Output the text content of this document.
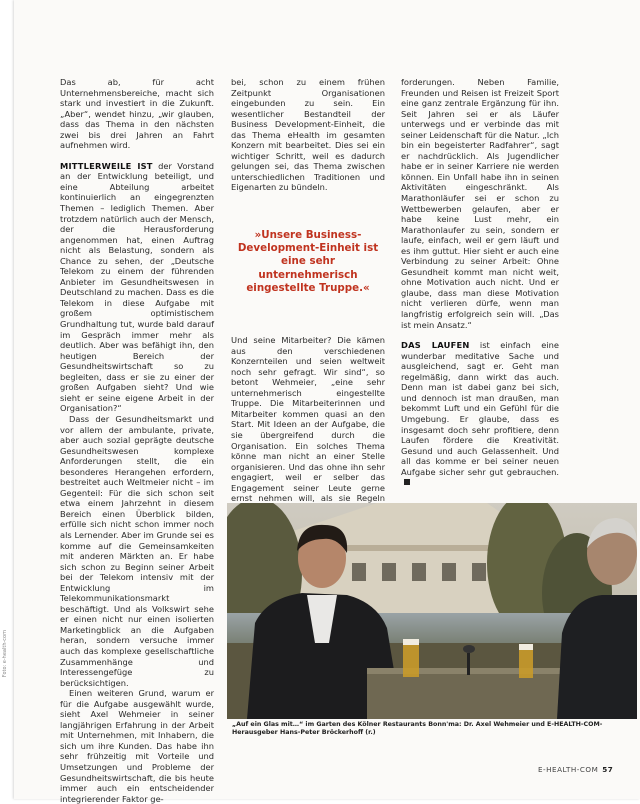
Das ab, für acht Unternehmensbereiche, macht sich stark und investiert in die Zukunft. „Aber“, wendet hinzu, „wir glauben, dass das Thema in den nächsten zwei bis drei Jahren an Fahrt aufnehmen wird.

MITTLERWEILE IST der Vorstand an der Entwicklung beteiligt, und eine Abteilung arbeitet kontinuierlich an eingegrenzten Themen – lediglich Themen. Aber trotzdem natürlich auch der Mensch, der die Herausforderung angenommen hat, einen Auftrag nicht als Belastung, sondern als Chance zu sehen, der „Deutsche Telekom zu einem der führenden Anbieter im Gesundheitswesen in Deutschland zu machen. Dass es die Telekom in diese Aufgabe mit großem optimistischem Grundhaltung tut, wurde bald darauf im Gespräch immer mehr als deutlich. Aber was befähigt ihn, den heutigen Bereich der Gesundheitswirtschaft so zu begleiten, dass er sie zu einer der großen Aufgaben sieht? Und wie sieht er seine eigene Arbeit in der Organisation?“

Dass der Gesundheitsmarkt und vor allem der ambulante, private, aber auch sozial geprägte deutsche Gesundheitswesen komplexe Anforderungen stellt, die ein besonderes Herangehen erfordern, bestreitet auch Weltmeier nicht – im Gegenteil: Für die sich schon seit etwa einem Jahrzehnt in diesem Bereich einen Überblick bilden, erfülle sich nicht schon immer noch als Lernender. Aber im Grunde sei es komme auf die Gemeinsamkeiten mit anderen Märkten an. Er habe sich schon zu Beginn seiner Arbeit bei der Telekom intensiv mit der Entwicklung im Telekommunikationsmarkt beschäftigt. Und als Volkswirt sehe er einen nicht nur einen isolierten Marketingblick an die Aufgaben heran, sondern versuche immer auch das komplexe gesellschaftliche Zusammenhänge und Interessengefüge zu berücksichtigen.

Einen weiteren Grund, warum er für die Aufgabe ausgewählt wurde, sieht Axel Wehmeier in seiner langjährigen Erfahrung in der Arbeit mit Unternehmen, mit Inhabern, die sich um ihre Kunden. Das habe ihn sehr frühzeitig mit Vorteile und Umsetzungen und Probleme der Gesundheitswirtschaft, die bis heute immer auch ein entscheidender integrierender Faktor ge-

bei, schon zu einem frühen Zeitpunkt Organisationen eingebunden zu sein. Ein wesentlicher Bestandteil der Business Development-Einheit, die das Thema eHealth im gesamten Konzern mit bearbeitet. Dies sei ein wichtiger Schritt, weil es dadurch gelungen sei, das Thema zwischen unterschiedlichen Traditionen und Eigenarten zu bündeln.

»Unsere Business-Development-Einheit ist eine sehr unternehmerisch eingestellte Truppe.«

Und seine Mitarbeiter? Die kämen aus den verschiedenen Konzernteilen und seien weltweit noch sehr gefragt. Wir sind“, so betont Wehmeier, „eine sehr unternehmerisch eingestellte Truppe. Die Mitarbeiterinnen und Mitarbeiter kommen quasi an den Start. Mit Ideen an der Aufgabe, die sie übergreifend durch die Organisation. Ein solches Thema könne man nicht an einer Stelle organisieren. Und das ohne ihn sehr engagiert, weil er selber das Engagement seiner Leute gerne ernst nehmen will, als sie Regeln

forderungen. Neben Familie, Freunden und Reisen ist Freizeit Sport eine ganz zentrale Ergänzung für ihn. Seit Jahren sei er als Läufer unterwegs und er verbinde das mit seiner Leidenschaft für die Natur. „Ich bin ein begeisterter Radfahrer“, sagt er nachdrücklich. Als Jugendlicher habe er in seiner Karriere nie werden können. Ein Unfall habe ihn in seinen Aktivitäten eingeschränkt. Als Marathonläufer sei er schon zu Wettbewerben gelaufen, aber er habe keine Lust mehr, ein Marathonlaufer zu sein, sondern er laufe, einfach, weil er gern läuft und es ihm guttut. Hier sieht er auch eine Verbindung zu seiner Arbeit: Ohne Gesundheit kommt man nicht weit, ohne Motivation auch nicht. Und er glaube, dass man diese Motivation nicht verlieren dürfe, wenn man langfristig erfolgreich sein will. „Das ist mein Ansatz.“

DAS LAUFEN ist einfach eine wunderbar meditative Sache und ausgleichend, sagt er. Geht man regelmäßig, dann wirkt das auch. Denn man ist dabei ganz bei sich, und dennoch ist man draußen, man bekommt Luft und ein Gefühl für die Umgebung. Er glaube, dass es insgesamt doch sehr profitiere, denn Laufen fördere die Kreativität. Gesund und auch Gelassenheit. Und all das komme er bei seiner neuen Aufgabe sicher sehr gut gebrauchen.

„Auf ein Glas mit…“ im Garten des Kölner Restaurants Bonn'ma: Dr. Axel Wehmeier und E-HEALTH-COM-Herausgeber Hans-Peter Bröckerhoff (r.)
E-HEALTH-COM 57
Foto: e-health-com
